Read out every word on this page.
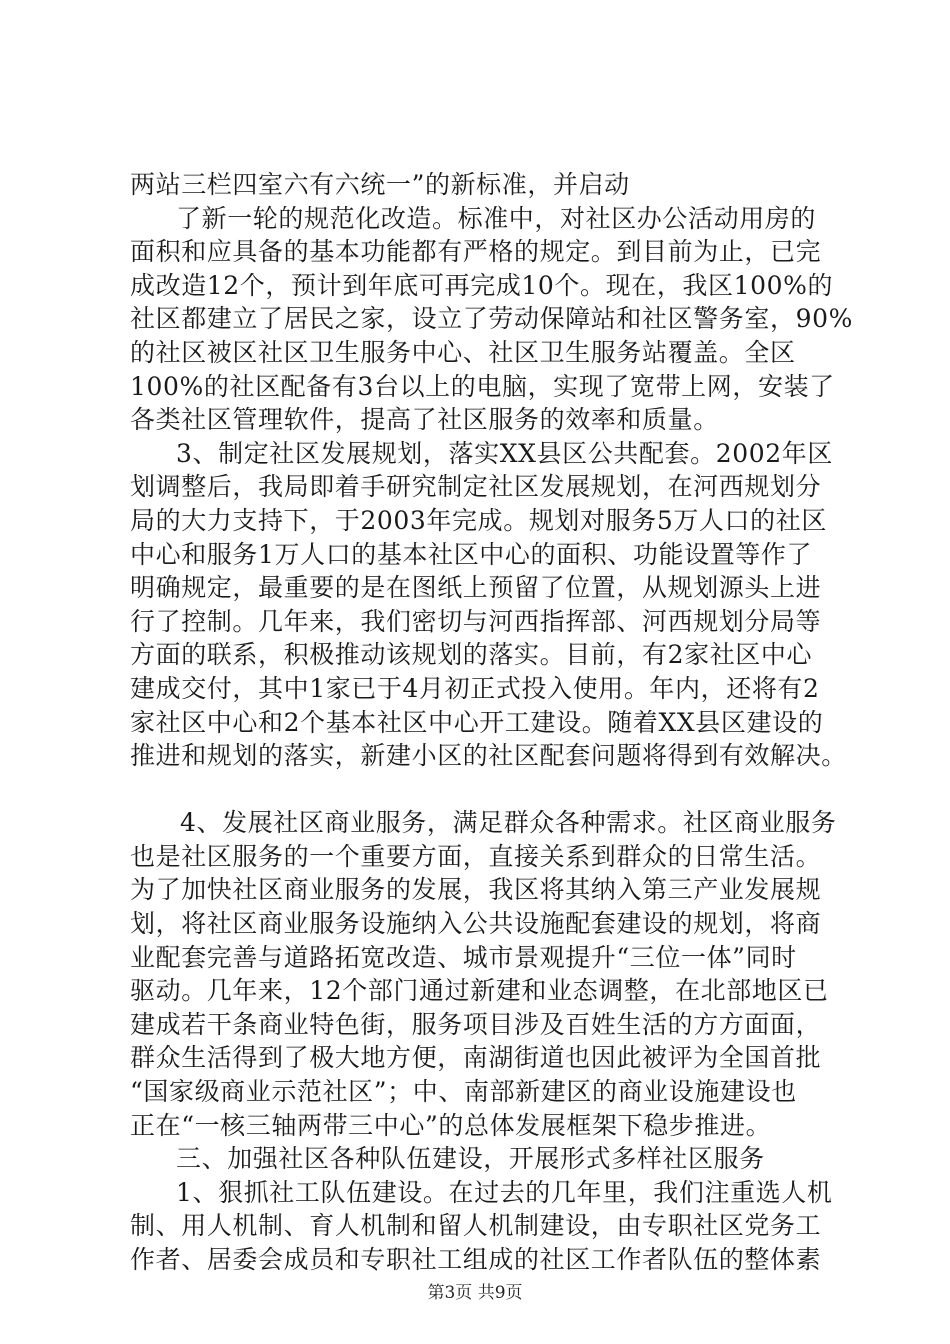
两站三栏四室六有六统一”的新标准，并启动
了新一轮的规范化改造。标准中，对社区办公活动用房的
面积和应具备的基本功能都有严格的规定。到目前为止，已完
成改造12个，预计到年底可再完成10个。现在，我区100%的
社区都建立了居民之家，设立了劳动保障站和社区警务室，90%
的社区被区社区卫生服务中心、社区卫生服务站覆盖。全区
100%的社区配备有3台以上的电脑，实现了宽带上网，安装了
各类社区管理软件，提高了社区服务的效率和质量。
3、制定社区发展规划，落实XX县区公共配套。2002年区
划调整后，我局即着手研究制定社区发展规划，在河西规划分
局的大力支持下，于2003年完成。规划对服务5万人口的社区
中心和服务1万人口的基本社区中心的面积、功能设置等作了
明确规定，最重要的是在图纸上预留了位置，从规划源头上进
行了控制。几年来，我们密切与河西指挥部、河西规划分局等
方面的联系，积极推动该规划的落实。目前，有2家社区中心
建成交付，其中1家已于4月初正式投入使用。年内，还将有2
家社区中心和2个基本社区中心开工建设。随着XX县区建设的
推进和规划的落实，新建小区的社区配套问题将得到有效解决。
4、发展社区商业服务，满足群众各种需求。社区商业服务
也是社区服务的一个重要方面，直接关系到群众的日常生活。
为了加快社区商业服务的发展，我区将其纳入第三产业发展规
划，将社区商业服务设施纳入公共设施配套建设的规划，将商
业配套完善与道路拓宽改造、城市景观提升“三位一体”同时
驱动。几年来，12个部门通过新建和业态调整，在北部地区已
建成若干条商业特色街，服务项目涉及百姓生活的方方面面，
群众生活得到了极大地方便，南湖街道也因此被评为全国首批
“国家级商业示范社区”；中、南部新建区的商业设施建设也
正在“一核三轴两带三中心”的总体发展框架下稳步推进。
三、加强社区各种队伍建设，开展形式多样社区服务
1、狠抓社工队伍建设。在过去的几年里，我们注重选人机
制、用人机制、育人机制和留人机制建设，由专职社区党务工
作者、居委会成员和专职社工组成的社区工作者队伍的整体素
第3页 共9页
